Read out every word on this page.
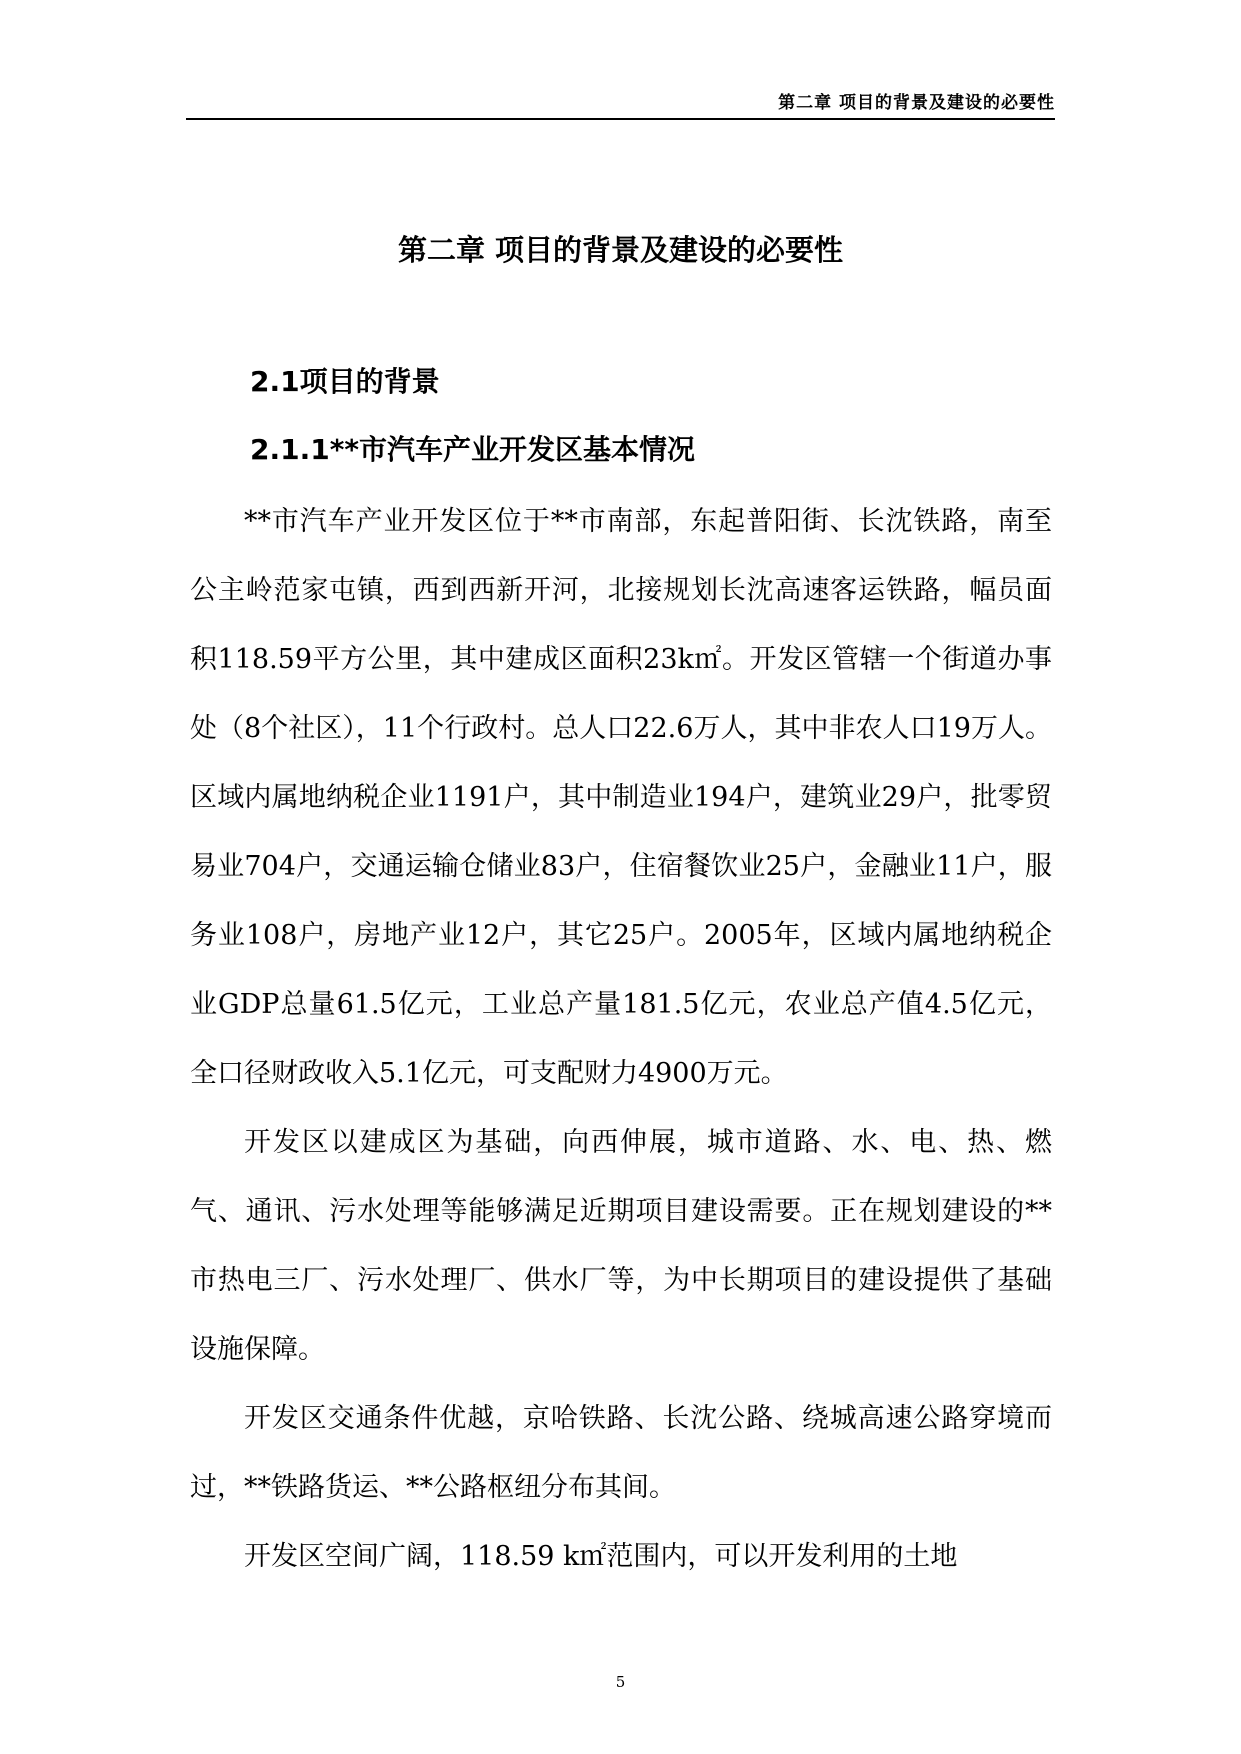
第二章 项目的背景及建设的必要性
第二章 项目的背景及建设的必要性
2.1项目的背景
2.1.1**市汽车产业开发区基本情况

**市汽车产业开发区位于**市南部，东起普阳街、长沈铁路，南至公主岭范家屯镇，西到西新开河，北接规划长沈高速客运铁路，幅员面积118.59平方公里，其中建成区面积23k㎡。开发区管辖一个街道办事处（8个社区），11个行政村。总人口22.6万人，其中非农人口19万人。区域内属地纳税企业1191户，其中制造业194户，建筑业29户，批零贸易业704户，交通运输仓储业83户，住宿餐饮业25户，金融业11户，服务业108户，房地产业12户，其它25户。2005年，区域内属地纳税企业GDP总量61.5亿元，工业总产量181.5亿元，农业总产值4.5亿元，全口径财政收入5.1亿元，可支配财力4900万元。

开发区以建成区为基础，向西伸展，城市道路、水、电、热、燃气、通讯、污水处理等能够满足近期项目建设需要。正在规划建设的**市热电三厂、污水处理厂、供水厂等，为中长期项目的建设提供了基础设施保障。

开发区交通条件优越，京哈铁路、长沈公路、绕城高速公路穿境而过，**铁路货运、**公路枢纽分布其间。

开发区空间广阔，118.59 k㎡范围内，可以开发利用的土地

5
